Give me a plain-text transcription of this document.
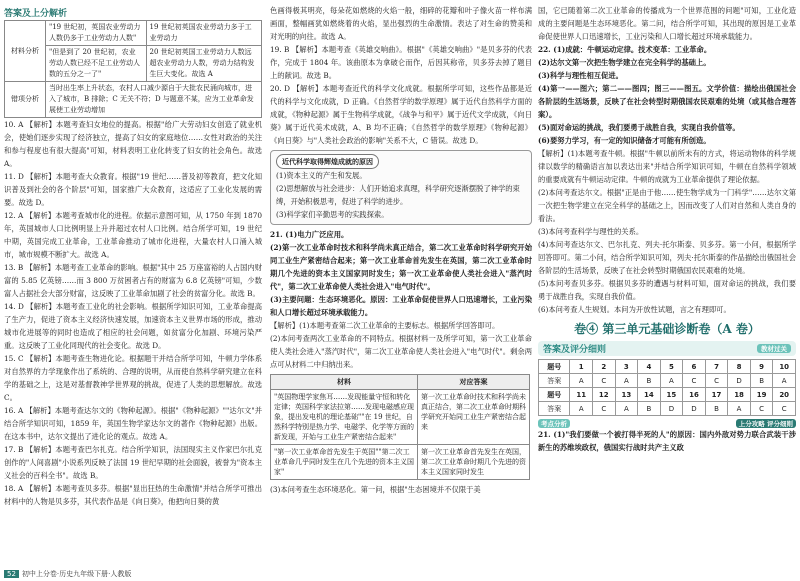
答案及上分解析
材料分析	"19 世纪初，英国农业劳动力人数仍多于工业劳动力人数"	19 世纪初英国农业劳动力多于工业劳动力
	"但是到了 20 世纪初，农业劳动人数已经不足工业劳动人数的五分之一了"	20 世纪初英国工业劳动力人数远超农业劳动力人数，劳动力结构发生巨大变化。故选 A
错项分析	当时出生率上升状态，农村人口减少源自于大批农民涌向城市，进入了城市，B 排除；C 无关不符；D 与题意不某，应为工业革命发展使工业劳动增加	

10. A 【解析】本题考查妇女地位的提高。根据"给广大劳动妇女创造了就业机会，使她们逐步实现了经济独立，提高了妇女的家庭地位……女性对政治的关注和参与程度也有很大提高"可知，材料表明工业化转变了妇女的社会角色。故选 A。

11. D 【解析】本题考查大众教育。根据"19 世纪……普及初等教育，把文化知识普及到社会的各个阶层"可知，国家推广大众教育，这适应了工业化发展的需要。故选 D。

12. A 【解析】本题考查城市化的进程。依据示意图可知，从 1750 年到 1870 年，英国城市人口比例明显上升并超过农村人口比例。结合所学可知，19 世纪中期，英国完成工业革命，工业革命推动了城市化进程，大量农村人口涌入城市，城市规模不断扩大。故选 A。

13. B 【解析】本题考查工业革命的影响。根据"其中 25 万座富裕的人占国内财富的 5.85 亿英镑……而 3 800 万贫困者占有的财富为 6.8 亿英镑"可知，少数富人占据社会大部分财富，这反映了工业革命加剧了社会的贫富分化。故选 B。

14. D 【解析】本题考查工业化的社会影响。根据所学知识可知，工业革命提高了生产力，促进了资本主义经济快速发展，加速资本主义世界市场的形成，推动城市化进展等的同时也造成了相应的社会问题，如贫富分化加剧、环境污染严重。这反映了工业化同现代的社会变化。故选 D。

15. C 【解析】本题考查生物进化论。根据题干并结合所学可知，牛顿力学体系对自然界的力学现象作出了系统的、合理的说明，从而使自然科学研究建立在科学的基础之上，这是对基督教神学世界观的挑战，促进了人类的思想解放。故选 C。

16. A 【解析】本题考查达尔文的《物种起源》。根据"《物种起源》""达尔文"并结合所学知识可知，1859 年，英国生物学家达尔文的著作《物种起源》出版。在这本书中，达尔文提出了进化论的观点。故选 A。

17. B 【解析】本题考查巴尔扎克。结合所学知识，法国现实主义作家巴尔扎克创作的"人间喜剧"小说系列反映了法国 19 世纪早期的社会面貌，被誉为"资本主义社会的百科全书"。故选 B。

18. A 【解析】本题考查贝多芬。根据"显出狂热的生命激情"并结合所学可推出材料中的人物是贝多芬，其代表作品是《向日葵》，他把向日葵的黄

色画得极其明亮，每朵花如燃烧的火焰一般，细碎的花瓣和叶子像火苗一样布满画面，整幅画犹如燃烧着的火焰，显出强烈的生命激情。表达了对生命的赞美和对光明的向往。故选 A。

19. B 【解析】本题考查《英雄交响曲》。根据"《英雄交响曲》"是贝多芬的代表作，完成于 1804 年。该曲原本为拿破仑而作，后因其称帝，贝多芬去掉了题目上的献词。故选 B。

20. D 【解析】本题考查近代的科学文化成就。根据所学可知，这些作品都是近代的科学与文化成就，D 正确。《自然哲学的数学原理》属于近代自然科学方面的成就，《物种起源》属于生物科学成就，《战争与和平》属于近代文学成就，《向日葵》属于近代美术成就，A、B 均不正确；《自然哲学的数学原理》《物种起源》《向日葵》与"人类社会政治的影响"关系不大，C 错误。故选 D。

近代科学取得辉煌成就的原因
(1)资本主义的产生和发展。
(2)思想解放与社会进步：人们开始追求真理，科学研究逐渐摆脱了神学的束缚，开始积极思考，促进了科学的进步。
(3)科学家们辛勤思考的实践探索。

21. (1)电力广泛应用。

(2)第一次工业革命时技术和科学尚未真正结合，第二次工业革命时科学研究开始同工业生产紧密结合起来；第一次工业革命首先发生在英国，第二次工业革命时期几个先进的资本主义国家同时发生；第一次工业革命使人类社会进入"蒸汽时代"，第二次工业革命使人类社会进入"电气时代"。

(3)主要问题：生态环境恶化。原因：工业革命促使世界人口迅速增长，工业污染和人口增长超过环境承载能力。

【解析】(1)本题考查第二次工业革命的主要标志。根据所学回答即可。

(2)本问考查两次工业革命的不同特点。根据材料一及所学可知，第一次工业革命使人类社会进入"蒸汽时代"，第二次工业革命使人类社会进入"电气时代"。剩余两点可从材料二中归纳出来。

材料	对应答案
"英国物理学家焦耳……发现能量守恒和转化定律；英国科学家法拉第……发现电磁感应现象，提出发电机的理论基础""在 19 世纪，自然科学特别是热力学、电磁学、化学等方面的新发现，开始与工业生产紧密结合起来"	第一次工业革命时技术和科学尚未真正结合，第二次工业革命时期科学研究开始同工业生产紧密结合起来
"第一次工业革命首先发生于英国""第二次工业革命几乎同时发生在几个先进的资本主义国家"	第一次工业革命首先发生在英国，第二次工业革命时期几个先进的资本主义国家同时发生

(3)本问考查生态环境恶化。第一问，根据"生态困境并不仅限于美

国，它已随着第二次工业革命的传播成为一个世界范围的问题"可知，工业化造成的主要问题是生态环境恶化。第二问，结合所学可知，其出现的原因是工业革命促使世界人口迅速增长，工业污染和人口增长超过环境承载能力。

22. (1)成就：牛顿运动定律。技术变革：工业革命。

(2)达尔文第一次把生物学建立在完全科学的基础上。

(3)科学与理性相互促进。

(4)第一——图六；第二——图四；图三——图五。文学价值：描绘出俄国社会各阶层的生活场景，反映了在社会转型时期俄国农民艰难的处境（或其他合理答案）。

(5)面对命运的挑战，我们要勇于战胜自我，实现自我价值等。

(6)要努力学习，有一定的知识储备才可能有所创造。

【解析】(1)本题考查牛顿。根据"牛顿以前所未有的方式，将运动物体的科学规律以数学的精确语言加以表达出来"并结合所学知识可知，牛顿在自然科学领域的重要成就有牛顿运动定律。牛顿的成就为工业革命提供了理论依据。

(2)本问考查达尔文。根据"正是由于他……使生物学成为一门科学"……达尔文第一次把生物学建立在完全科学的基础之上，因而改变了人们对自然和人类自身的看法。

(3)本问考查科学与理性的关系。

(4)本问考查达尔文、巴尔扎克、列夫·托尔斯泰、贝多芬。第一小问，根据所学回答即可。第二小问，结合所学知识可知，列夫·托尔斯泰的作品描绘出俄国社会各阶层的生活场景，反映了在社会转型时期俄国农民艰难的处境。

(5)本问考查贝多芬。根据贝多芬的遭遇与材料可知，面对命运的挑战，我们要勇于战胜自我，实现自我价值。

(6)本问考查人生规划。本问为开放性试题，言之有理即可。

卷④ 第三单元基础诊断卷（A 卷）
答案及评分细则	教材过关
题号	1	2	3	4	5	6	7	8	9	10
答案	A	C	A	B	A	C	C	D	B	A
题号	11	12	13	14	15	16	17	18	19	20
答案	A	C	A	B	D	D	B	A	C	C
考点分析	上分攻略 评分细则

21. (1)"我们要做一个被打得半死的人"的原因：国内外敌对势力联合武装干涉新生的苏维埃政权，俄国实行战时共产主义政

52 初中上分卷·历史九年级下册·人教版
